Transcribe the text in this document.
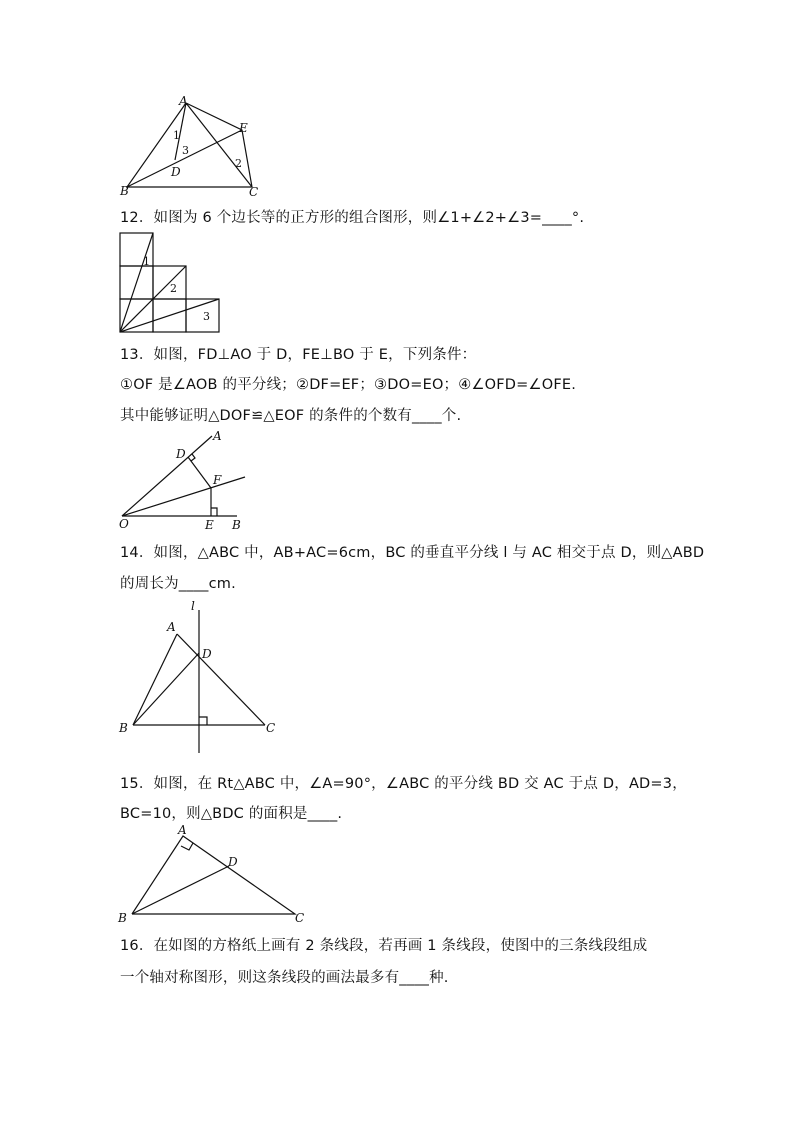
A
B	C
D
E
1
3
2
12．如图为 6 个边长等的正方形的组合图形，则∠1+∠2+∠3=____°.
1
2
3
13．如图，FD⊥AO 于 D，FE⊥BO 于 E，下列条件：
①OF 是∠AOB 的平分线；②DF=EF；③DO=EO；④∠OFD=∠OFE.
其中能够证明△DOF≌△EOF 的条件的个数有____个.
A
D
F
O	E B
14．如图，△ABC 中，AB+AC=6cm，BC 的垂直平分线 l 与 AC 相交于点 D，则△ABD
的周长为____cm.
l
A
D
B	C
15．如图，在 Rt△ABC 中，∠A=90°，∠ABC 的平分线 BD 交 AC 于点 D，AD=3，
BC=10，则△BDC 的面积是____.
A
D
B	C
16．在如图的方格纸上画有 2 条线段，若再画 1 条线段，使图中的三条线段组成
一个轴对称图形，则这条线段的画法最多有____种.
